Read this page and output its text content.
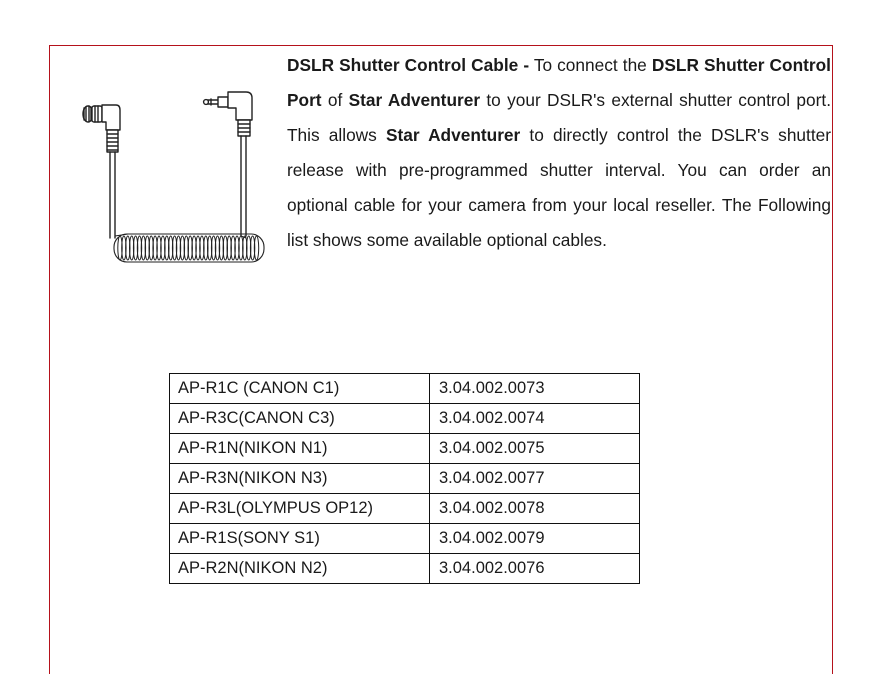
DSLR Shutter Control Cable - To connect the DSLR Shutter Control Port of Star Adventurer to your DSLR's external shutter control port. This allows Star Adventurer to directly control the DSLR's shutter release with pre-programmed shutter interval. You can order an optional cable for your camera from your local reseller. The Following list shows some available optional cables.

AP-R1C (CANON C1)	3.04.002.0073
AP-R3C(CANON C3)	3.04.002.0074
AP-R1N(NIKON N1)	3.04.002.0075
AP-R3N(NIKON N3)	3.04.002.0077
AP-R3L(OLYMPUS OP12)	3.04.002.0078
AP-R1S(SONY S1)	3.04.002.0079
AP-R2N(NIKON N2)	3.04.002.0076
